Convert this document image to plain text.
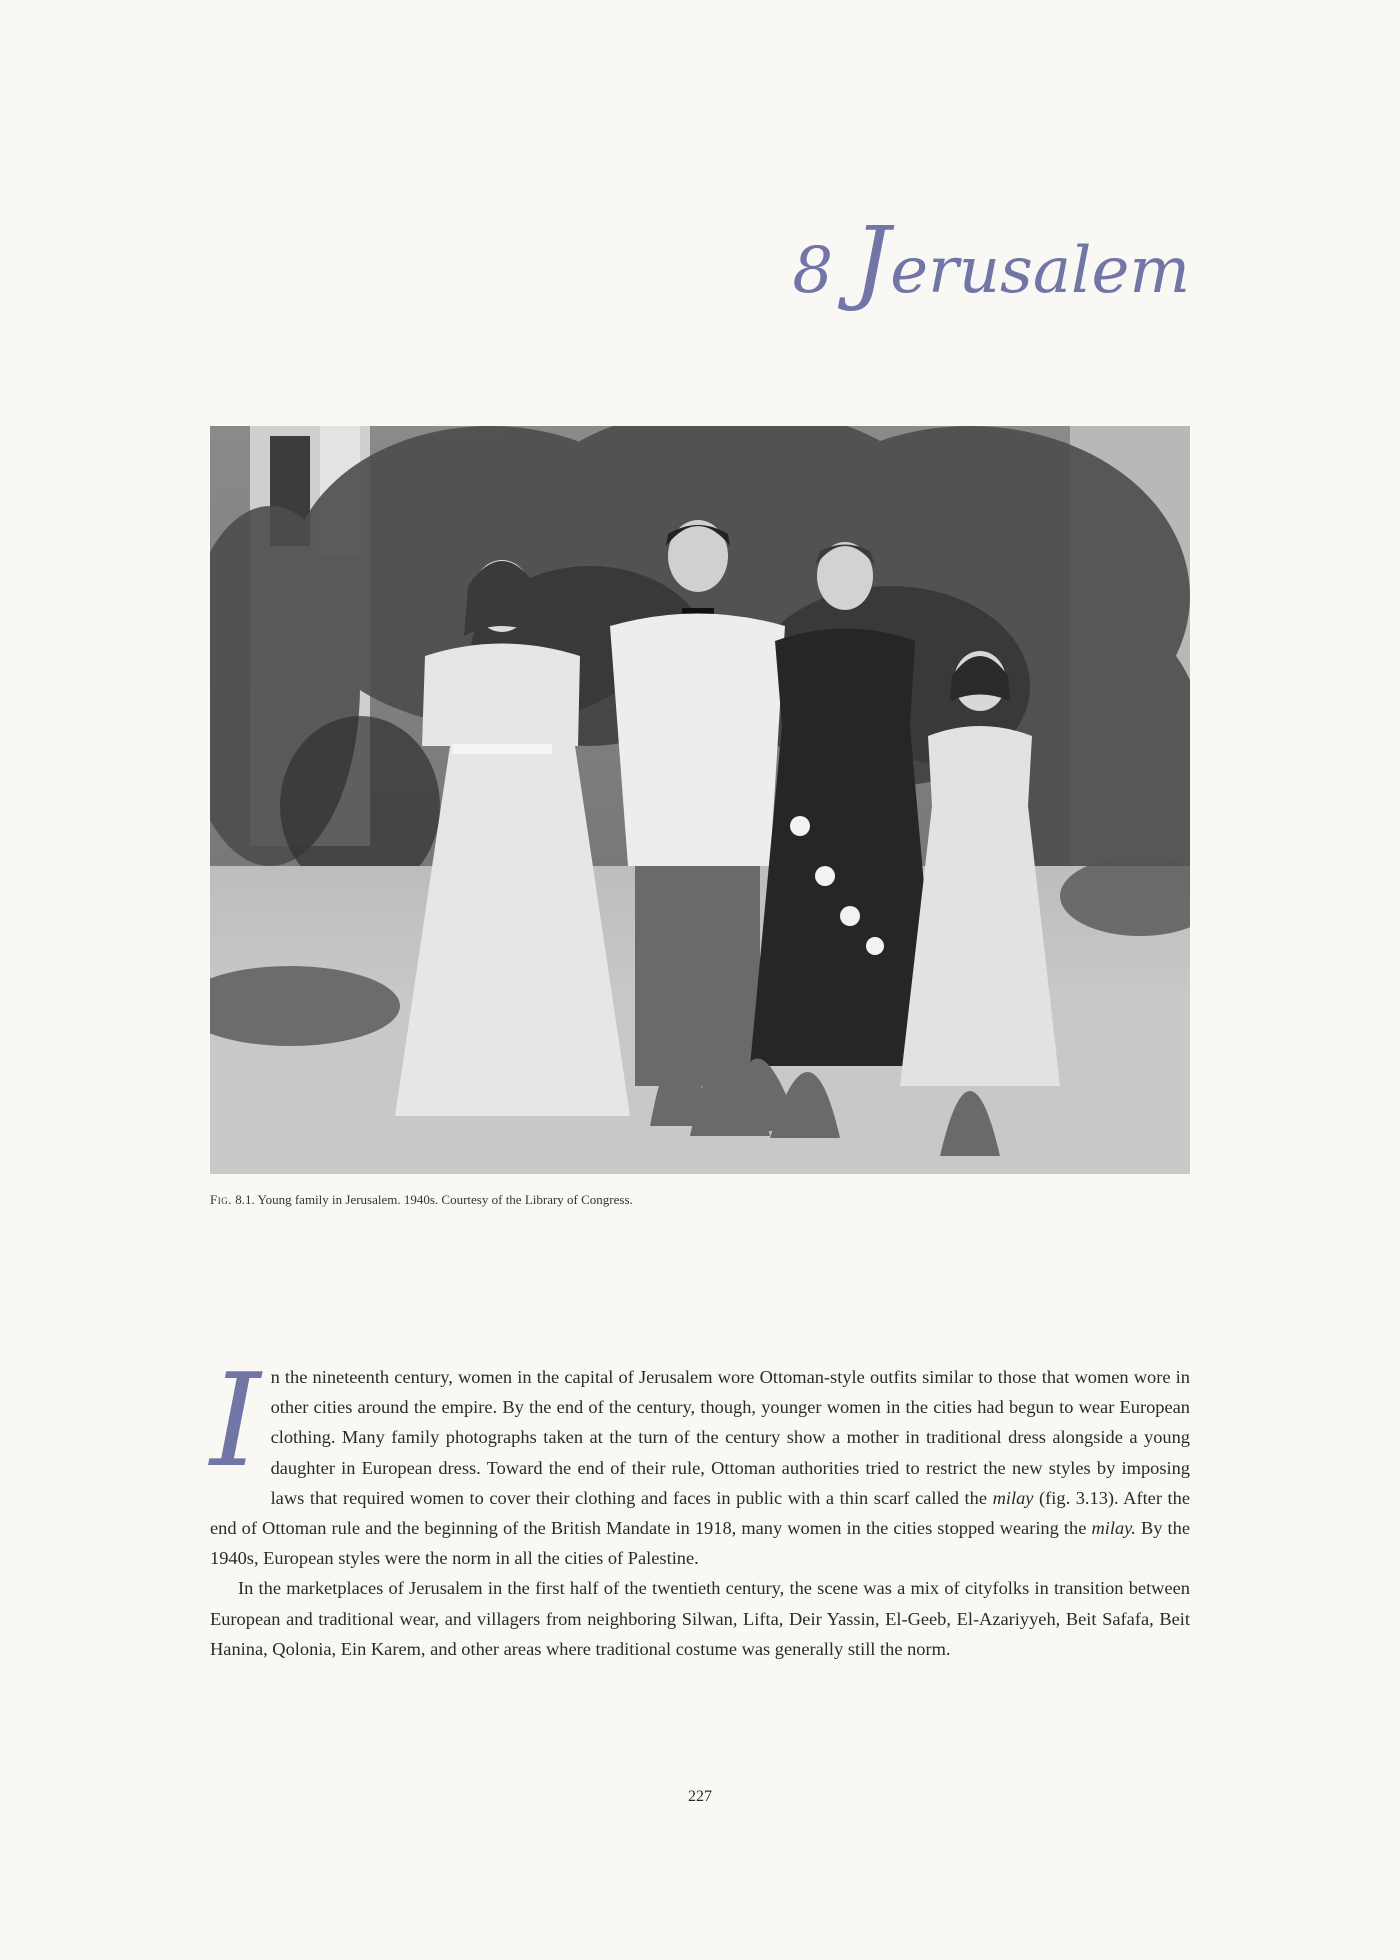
8 Jerusalem
Fig. 8.1. Young family in Jerusalem. 1940s. Courtesy of the Library of Congress.

In the nineteenth century, women in the capital of Jerusalem wore Ottoman-style outfits similar to those that women wore in other cities around the empire. By the end of the century, though, younger women in the cities had begun to wear European clothing. Many family photographs taken at the turn of the century show a mother in traditional dress alongside a young daughter in European dress. Toward the end of their rule, Ottoman authorities tried to restrict the new styles by imposing laws that required women to cover their clothing and faces in public with a thin scarf called the milay (fig. 3.13). After the end of Ottoman rule and the beginning of the British Mandate in 1918, many women in the cities stopped wearing the milay. By the 1940s, European styles were the norm in all the cities of Palestine.

In the marketplaces of Jerusalem in the first half of the twentieth century, the scene was a mix of cityfolks in transition between European and traditional wear, and villagers from neighboring Silwan, Lifta, Deir Yassin, El-Geeb, El-Azariyyeh, Beit Safafa, Beit Hanina, Qolonia, Ein Karem, and other areas where traditional costume was generally still the norm.

227
